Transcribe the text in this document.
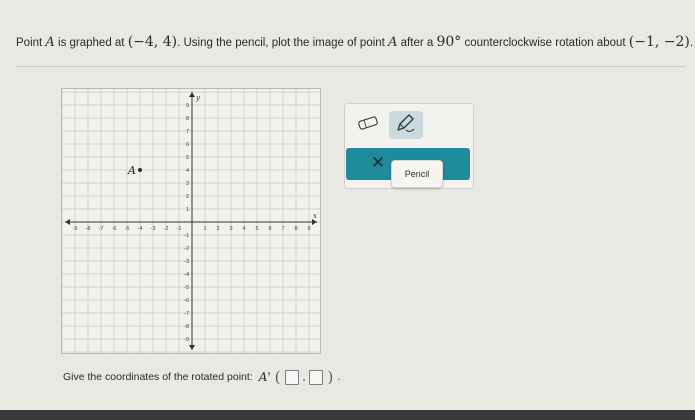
Point A is graphed at (−4, 4). Using the pencil, plot the image of point A after a 90° counterclockwise rotation about (−1, −2).
-9 -8 -7 -6 -5 -4 -3 -2 -1	1 2 3 4 5 6 7 8 9
9
8
7
6
5
4
3
2
1
-1
-2
-3
-4
-5
-6
-7
-8
-9
x
y
A	✕
Pencil
Give the coordinates of the rotated point: A' ( , ) .
